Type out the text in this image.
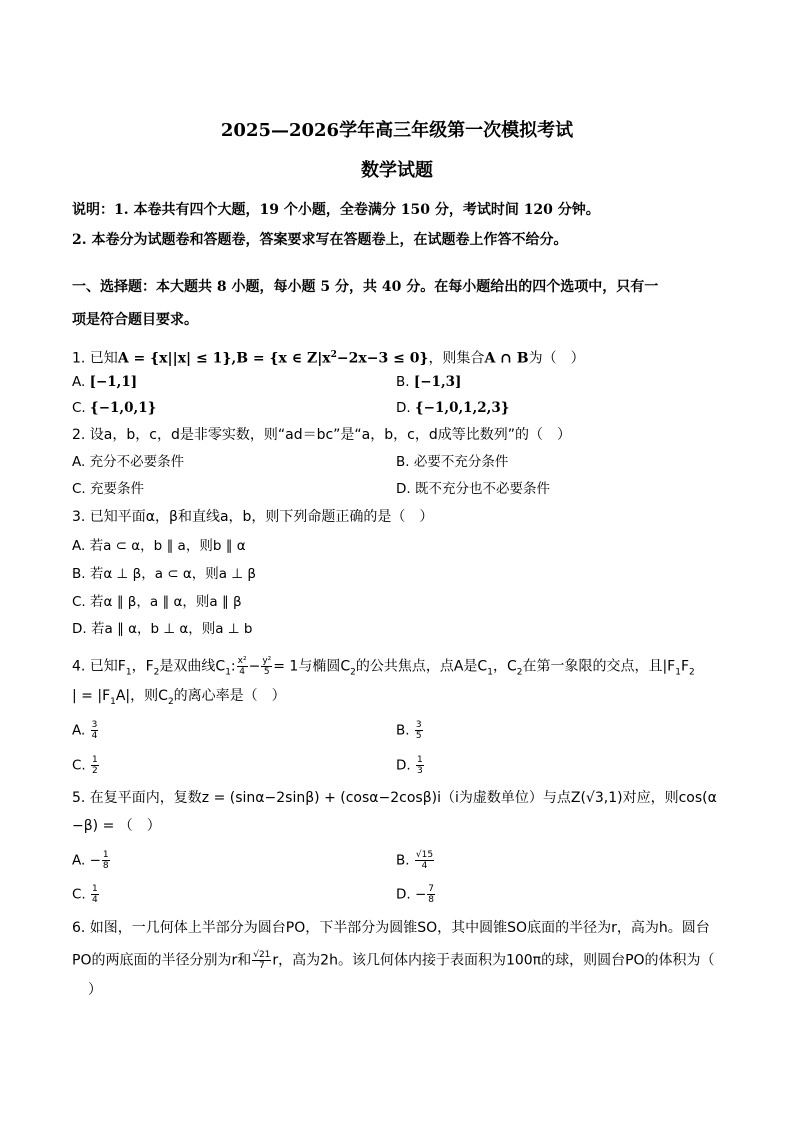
2025—2026学年高三年级第一次模拟考试
数学试题
说明：1. 本卷共有四个大题，19 个小题，全卷满分 150 分，考试时间 120 分钟。
2. 本卷分为试题卷和答题卷，答案要求写在答题卷上，在试题卷上作答不给分。
一、选择题：本大题共 8 小题，每小题 5 分，共 40 分。在每小题给出的四个选项中，只有一
项是符合题目要求。
1. 已知A = {x||x| ≤ 1},B = {x ∈ $Z|x^2-2x-3 \le 0$}，则集合A ∩ B为（　）
A. [−1,1]	B. [−1,3]
C. {−1,0,1}	D. {−1,0,1,2,3}
2. 设a，b，c，d是非零实数，则“ad＝bc”是“a，b，c，d成等比数列”的（　）
A. 充分不必要条件	B. 必要不充分条件
C. 充要条件	D. 既不充分也不必要条件
3. 已知平面α，β和直线a，b，则下列命题正确的是（　）
A. 若a ⊂ α，b ∥ a，则b ∥ α
B. 若α ⊥ β，a ⊂ α，则a ⊥ β
C. 若α ∥ β，a ∥ α，则a ∥ β
D. 若a ∥ α，b ⊥ α，则a ⊥ b
4. 已知$F_1$，$F_2$是双曲线$C_1$: $\frac{\text{x²}}{4} - \frac{\text{y²}}{5} = 1$与椭圆$C_2$的公共焦点，点A是$C_1$，$C_2$在第一象限的交点，且$|F_1F_2$
| = $|F_1A|$，则$C_2$的离心率是（　）
A. $\frac{3}{4}$	B. $\frac{3}{5}$
C. $\frac{1}{2}$	D. $\frac{1}{3}$
5. 在复平面内，复数z = (sinα−2sinβ) + (cosα−2cosβ)i（i为虚数单位）与点Z(√3,1)对应，则cos(α
−β) = （　）
A. − $\frac{1}{8}$	B. $\frac{√15}{4}$
C. $\frac{1}{4}$	D. − $\frac{7}{8}$
6. 如图，一几何体上半部分为圆台PO，下半部分为圆锥SO，其中圆锥SO底面的半径为r，高为h。圆台
PO的两底面的半径分别为r和 $\frac{√21}{7}$ r，高为2h。该几何体内接于表面积为100π的球，则圆台PO的体积为（
）
